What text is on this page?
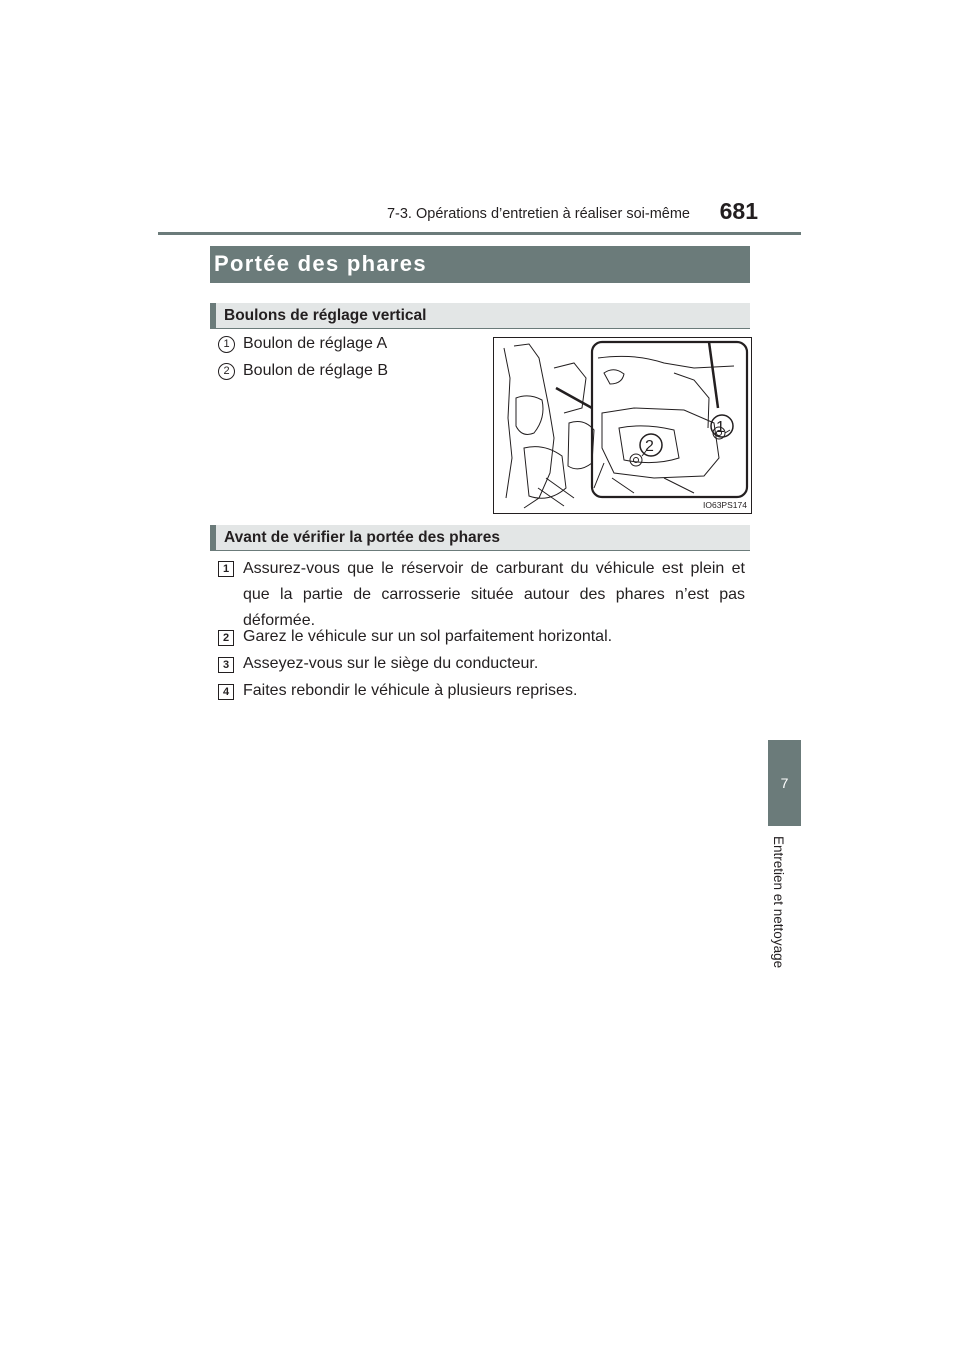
7-3. Opérations d’entretien à réaliser soi-même	681
7
Entretien et nettoyage
Portée des phares
Boulons de réglage vertical
1 Boulon de réglage A
2 Boulon de réglage B
1
2
IO63PS174
Avant de vérifier la portée des phares
1 Assurez-vous que le réservoir de carburant du véhicule est plein et que la partie de carrosserie située autour des phares n’est pas déformée.
2 Garez le véhicule sur un sol parfaitement horizontal.
3 Asseyez-vous sur le siège du conducteur.
4 Faites rebondir le véhicule à plusieurs reprises.
